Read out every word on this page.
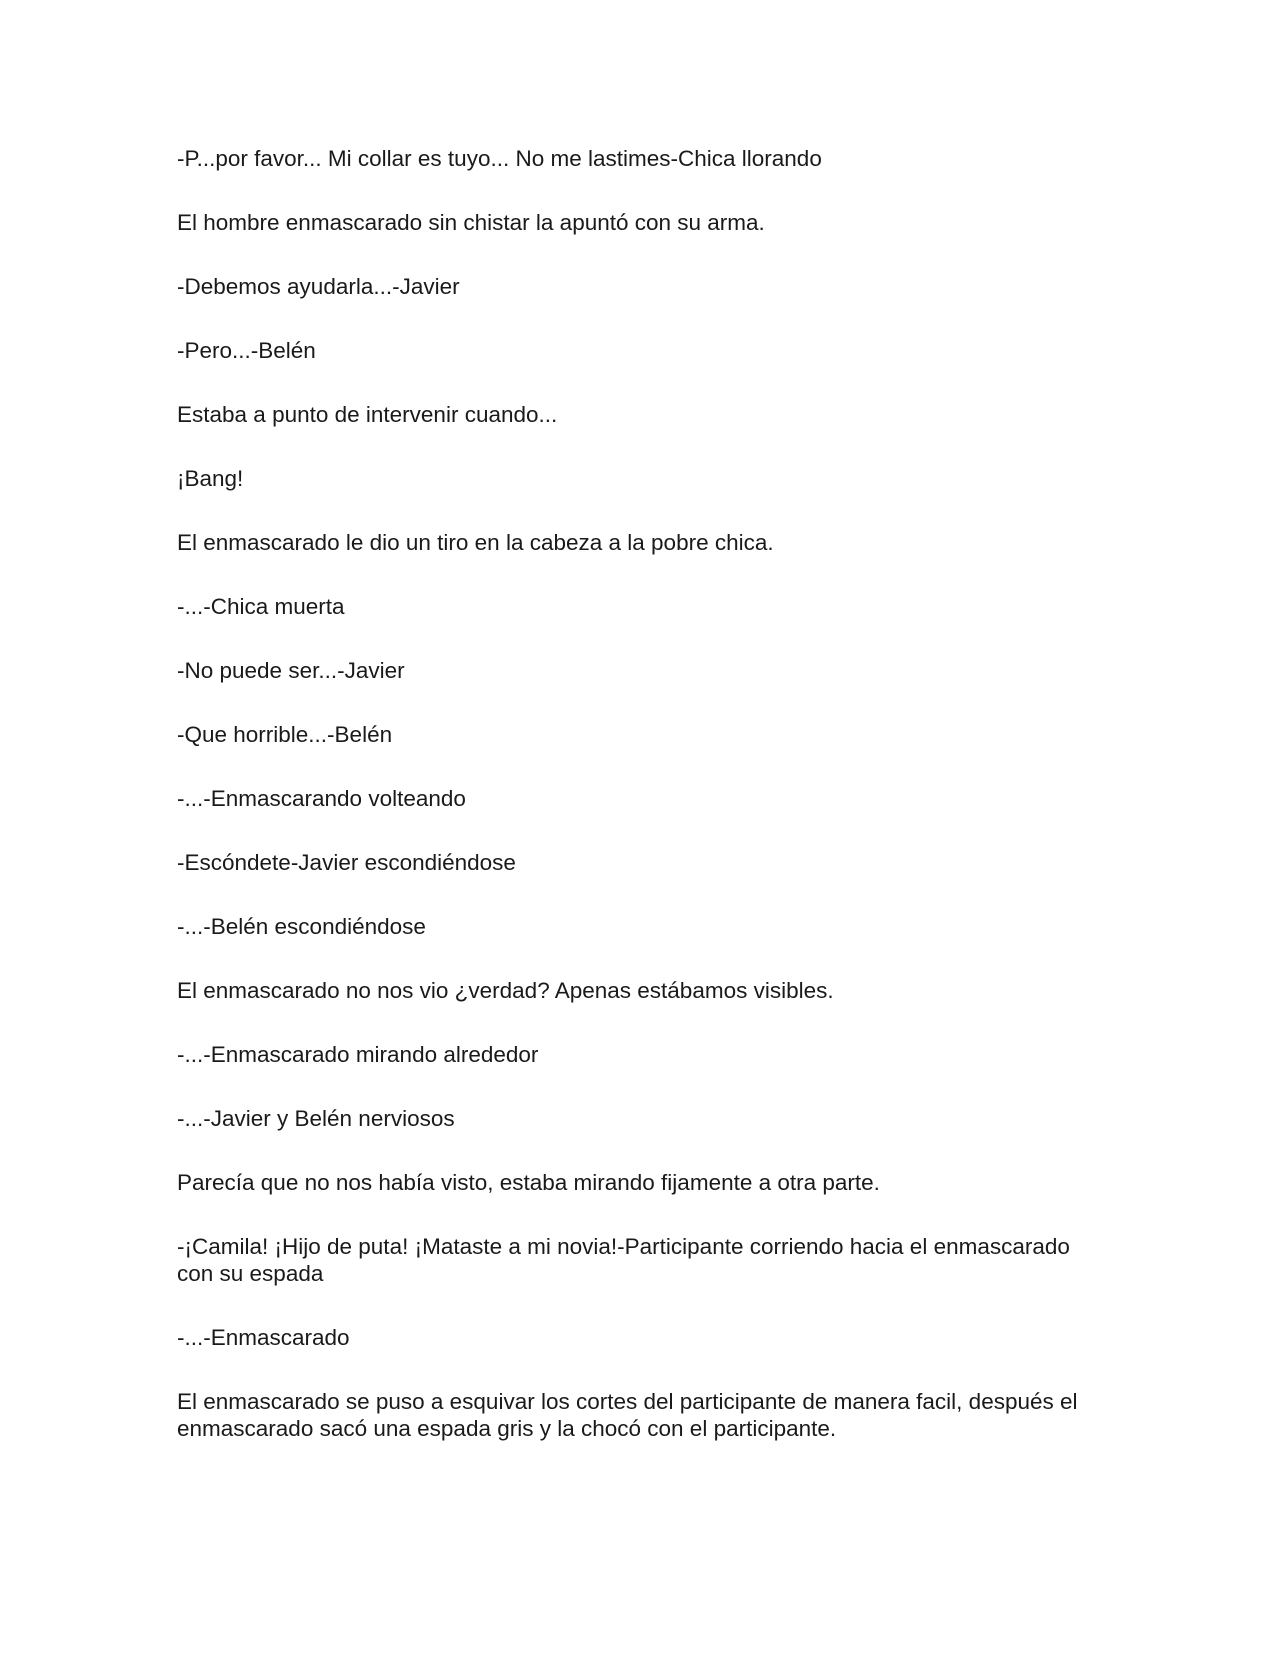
-P...por favor... Mi collar es tuyo... No me lastimes-Chica llorando

El hombre enmascarado sin chistar la apuntó con su arma.

-Debemos ayudarla...-Javier

-Pero...-Belén

Estaba a punto de intervenir cuando...

¡Bang!

El enmascarado le dio un tiro en la cabeza a la pobre chica.

-...-Chica muerta

-No puede ser...-Javier

-Que horrible...-Belén

-...-Enmascarando volteando

-Escóndete-Javier escondiéndose

-...-Belén escondiéndose

El enmascarado no nos vio ¿verdad? Apenas estábamos visibles.

-...-Enmascarado mirando alrededor

-...-Javier y Belén nerviosos

Parecía que no nos había visto, estaba mirando fijamente a otra parte.

-¡Camila! ¡Hijo de puta! ¡Mataste a mi novia!-Participante corriendo hacia el enmascarado con su espada

-...-Enmascarado

El enmascarado se puso a esquivar los cortes del participante de manera facil, después el enmascarado sacó una espada gris y la chocó con el participante.
